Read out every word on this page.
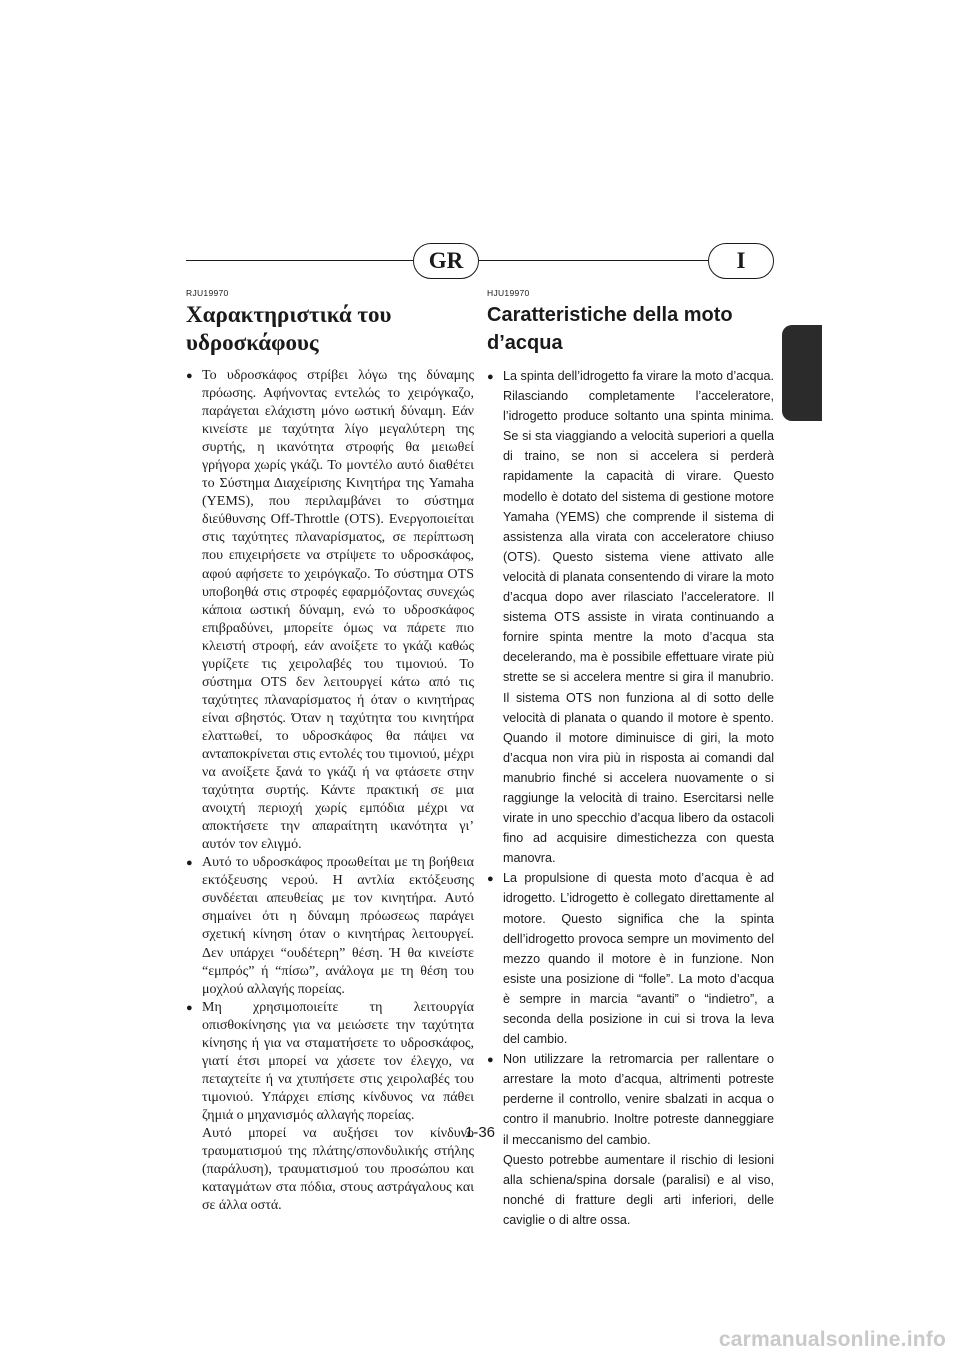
GR	I
RJU19970
Χαρακτηριστικά του
υδροσκάφους

● Το υδροσκάφος στρίβει λόγω της δύναμης πρόωσης. Αφήνοντας εντελώς το χειρόγκαζο, παράγεται ελάχιστη μόνο ωστική δύναμη. Εάν κινείστε με ταχύτητα λίγο μεγαλύτερη της συρτής, η ικανότητα στροφής θα μειωθεί γρήγορα χωρίς γκάζι. Το μοντέλο αυτό διαθέτει το Σύστημα Διαχείρισης Κινητήρα της Yamaha (YEMS), που περιλαμβάνει το σύστημα διεύθυνσης Off-Throttle (OTS). Ενεργοποιείται στις ταχύτητες πλαναρίσματος, σε περίπτωση που επιχειρήσετε να στρίψετε το υδροσκάφος, αφού αφήσετε το χειρόγκαζο. Το σύστημα OTS υποβοηθά στις στροφές εφαρμόζοντας συνεχώς κάποια ωστική δύναμη, ενώ το υδροσκάφος επιβραδύνει, μπορείτε όμως να πάρετε πιο κλειστή στροφή, εάν ανοίξετε το γκάζι καθώς γυρίζετε τις χειρολαβές του τιμονιού. Το σύστημα OTS δεν λειτουργεί κάτω από τις ταχύτητες πλαναρίσματος ή όταν ο κινητήρας είναι σβηστός. Όταν η ταχύτητα του κινητήρα ελαττωθεί, το υδροσκάφος θα πάψει να ανταποκρίνεται στις εντολές του τιμονιού, μέχρι να ανοίξετε ξανά το γκάζι ή να φτάσετε στην ταχύτητα συρτής. Κάντε πρακτική σε μια ανοιχτή περιοχή χωρίς εμπόδια μέχρι να αποκτήσετε την απαραίτητη ικανότητα γι’ αυτόν τον ελιγμό.

● Αυτό το υδροσκάφος προωθείται με τη βοήθεια εκτόξευσης νερού. Η αντλία εκτόξευσης συνδέεται απευθείας με τον κινητήρα. Αυτό σημαίνει ότι η δύναμη πρόωσεως παράγει σχετική κίνηση όταν ο κινητήρας λειτουργεί. Δεν υπάρχει “ουδέτερη” θέση. Ή θα κινείστε “εμπρός” ή “πίσω”, ανάλογα με τη θέση του μοχλού αλλαγής πορείας.

● Μη χρησιμοποιείτε τη λειτουργία οπισθοκίνησης για να μειώσετε την ταχύτητα κίνησης ή για να σταματήσετε το υδροσκάφος, γιατί έτσι μπορεί να χάσετε τον έλεγχο, να πεταχτείτε ή να χτυπήσετε στις χειρολαβές του τιμονιού. Υπάρχει επίσης κίνδυνος να πάθει ζημιά ο μηχανισμός αλλαγής πορείας.
Αυτό μπορεί να αυξήσει τον κίνδυνο τραυματισμού της πλάτης/σπονδυλικής στήλης (παράλυση), τραυματισμού του προσώπου και καταγμάτων στα πόδια, στους αστράγαλους και σε άλλα οστά.

HJU19970
Caratteristiche della moto
d’acqua

● La spinta dell’idrogetto fa virare la moto d’acqua. Rilasciando completamente l’acceleratore, l’idrogetto produce soltanto una spinta minima. Se si sta viaggiando a velocità superiori a quella di traino, se non si accelera si perderà rapidamente la capacità di virare. Questo modello è dotato del sistema di gestione motore Yamaha (YEMS) che comprende il sistema di assistenza alla virata con acceleratore chiuso (OTS). Questo sistema viene attivato alle velocità di planata consentendo di virare la moto d’acqua dopo aver rilasciato l’acceleratore. Il sistema OTS assiste in virata continuando a fornire spinta mentre la moto d’acqua sta decelerando, ma è possibile effettuare virate più strette se si accelera mentre si gira il manubrio. Il sistema OTS non funziona al di sotto delle velocità di planata o quando il motore è spento. Quando il motore diminuisce di giri, la moto d’acqua non vira più in risposta ai comandi dal manubrio finché si accelera nuovamente o si raggiunge la velocità di traino. Esercitarsi nelle virate in uno specchio d’acqua libero da ostacoli fino ad acquisire dimestichezza con questa manovra.

● La propulsione di questa moto d’acqua è ad idrogetto. L’idrogetto è collegato direttamente al motore. Questo significa che la spinta dell’idrogetto provoca sempre un movimento del mezzo quando il motore è in funzione. Non esiste una posizione di “folle”. La moto d’acqua è sempre in marcia “avanti” o “indietro”, a seconda della posizione in cui si trova la leva del cambio.

● Non utilizzare la retromarcia per rallentare o arrestare la moto d’acqua, altrimenti potreste perderne il controllo, venire sbalzati in acqua o contro il manubrio. Inoltre potreste danneggiare il meccanismo del cambio.
Questo potrebbe aumentare il rischio di lesioni alla schiena/spina dorsale (paralisi) e al viso, nonché di fratture degli arti inferiori, delle caviglie o di altre ossa.

1-36
carmanualsonline.info
